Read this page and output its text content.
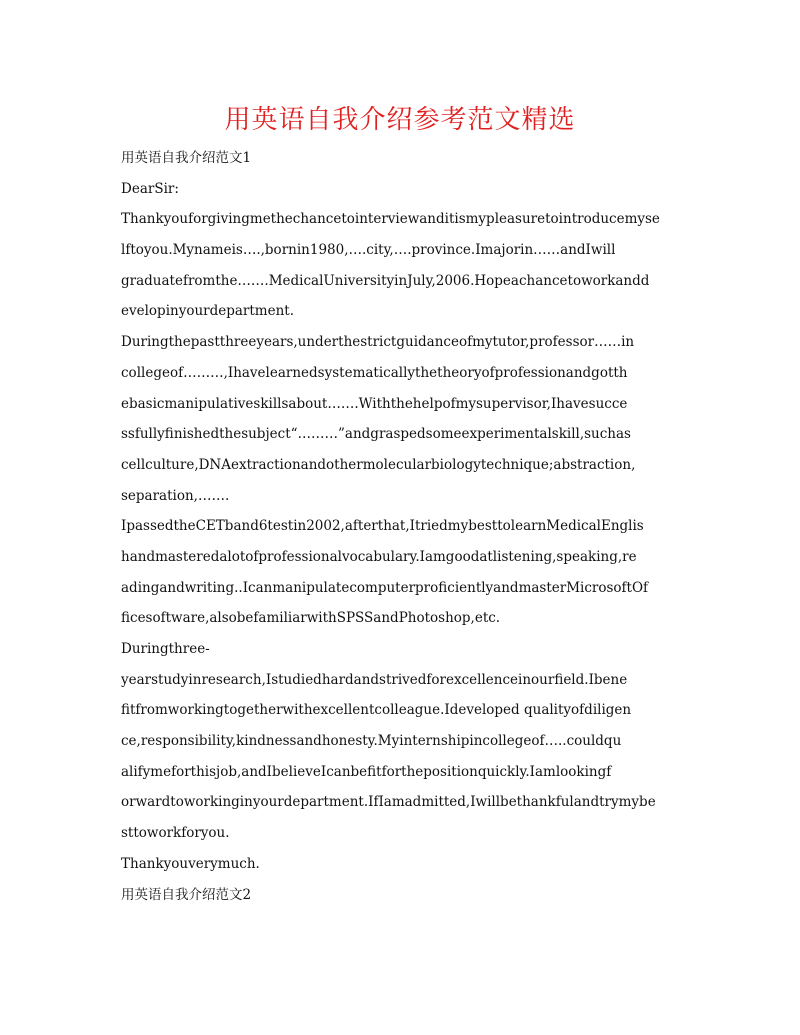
用英语自我介绍参考范文精选
用英语自我介绍范文1
DearSir:
Thankyouforgivingmethechancetointerviewanditismypleasuretointroducemyse
lftoyou.Mynameis….,bornin1980,….city,….province.Imajorin……andIwill
graduatefromthe…….MedicalUniversityinJuly,2006.Hopeachancetoworkandd
evelopinyourdepartment.
Duringthepastthreeyears,underthestrictguidanceofmytutor,professor……in
collegeof………,Ihavelearnedsystematicallythetheoryofprofessionandgotth
ebasicmanipulativeskillsabout…….Withthehelpofmysupervisor,Ihavesucce
ssfullyfinishedthesubject“………”andgraspedsomeexperimentalskill,suchas
cellculture,DNAextractionandothermolecularbiologytechnique;abstraction,
separation,…….
IpassedtheCETband6testin2002,afterthat,ItriedmybesttolearnMedicalEnglis
handmasteredalotofprofessionalvocabulary.Iamgoodatlistening,speaking,re
adingandwriting..IcanmanipulatecomputerproficientlyandmasterMicrosoftOf
ficesoftware,alsobefamiliarwithSPSSandPhotoshop,etc.
Duringthree-
yearstudyinresearch,Istudiedhardandstrivedforexcellenceinourfield.Ibene
fitfromworkingtogetherwithexcellentcolleague.Ideveloped qualityofdiligen
ce,responsibility,kindnessandhonesty.Myinternshipincollegeof…..couldqu
alifymeforthisjob,andIbelieveIcanbefitforthepositionquickly.Iamlookingf
orwardtoworkinginyourdepartment.IfIamadmitted,Iwillbethankfulandtrymybe
sttoworkforyou.
Thankyouverymuch.
用英语自我介绍范文2
